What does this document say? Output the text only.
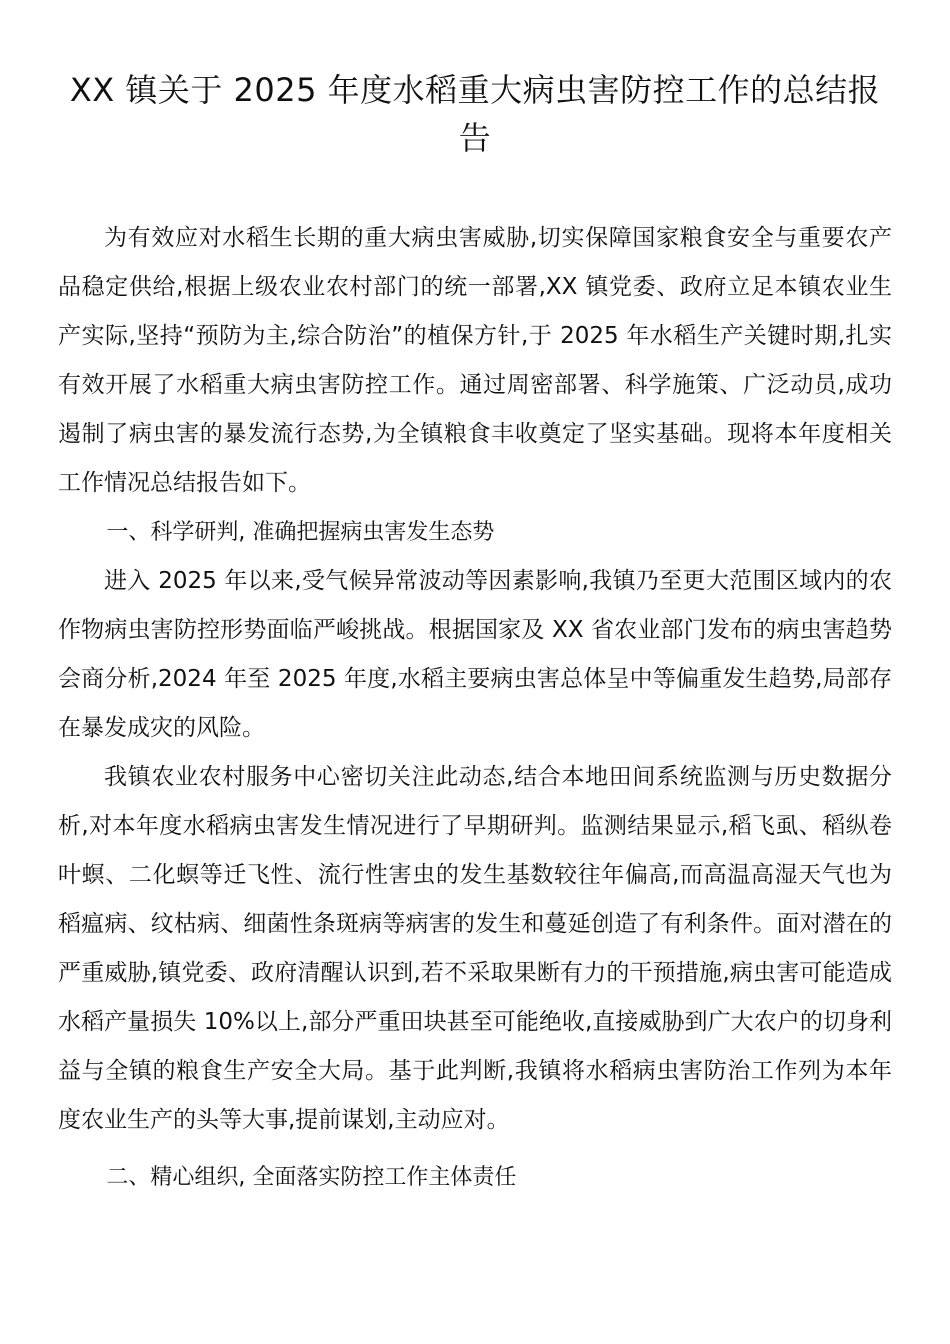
XX 镇关于 2025 年度水稻重大病虫害防控工作的总结报告

为有效应对水稻生长期的重大病虫害威胁,切实保障国家粮食安全与重要农产品稳定供给,根据上级农业农村部门的统一部署,XX 镇党委、政府立足本镇农业生产实际,坚持“预防为主,综合防治”的植保方针,于 2025 年水稻生产关键时期,扎实有效开展了水稻重大病虫害防控工作。通过周密部署、科学施策、广泛动员,成功遏制了病虫害的暴发流行态势,为全镇粮食丰收奠定了坚实基础。现将本年度相关工作情况总结报告如下。

一、科学研判, 准确把握病虫害发生态势

进入 2025 年以来,受气候异常波动等因素影响,我镇乃至更大范围区域内的农作物病虫害防控形势面临严峻挑战。根据国家及 XX 省农业部门发布的病虫害趋势会商分析,2024 年至 2025 年度,水稻主要病虫害总体呈中等偏重发生趋势,局部存在暴发成灾的风险。

我镇农业农村服务中心密切关注此动态,结合本地田间系统监测与历史数据分析,对本年度水稻病虫害发生情况进行了早期研判。监测结果显示,稻飞虱、稻纵卷叶螟、二化螟等迁飞性、流行性害虫的发生基数较往年偏高,而高温高湿天气也为稻瘟病、纹枯病、细菌性条斑病等病害的发生和蔓延创造了有利条件。面对潜在的严重威胁,镇党委、政府清醒认识到,若不采取果断有力的干预措施,病虫害可能造成水稻产量损失 10%以上,部分严重田块甚至可能绝收,直接威胁到广大农户的切身利益与全镇的粮食生产安全大局。基于此判断,我镇将水稻病虫害防治工作列为本年度农业生产的头等大事,提前谋划,主动应对。

二、精心组织, 全面落实防控工作主体责任
